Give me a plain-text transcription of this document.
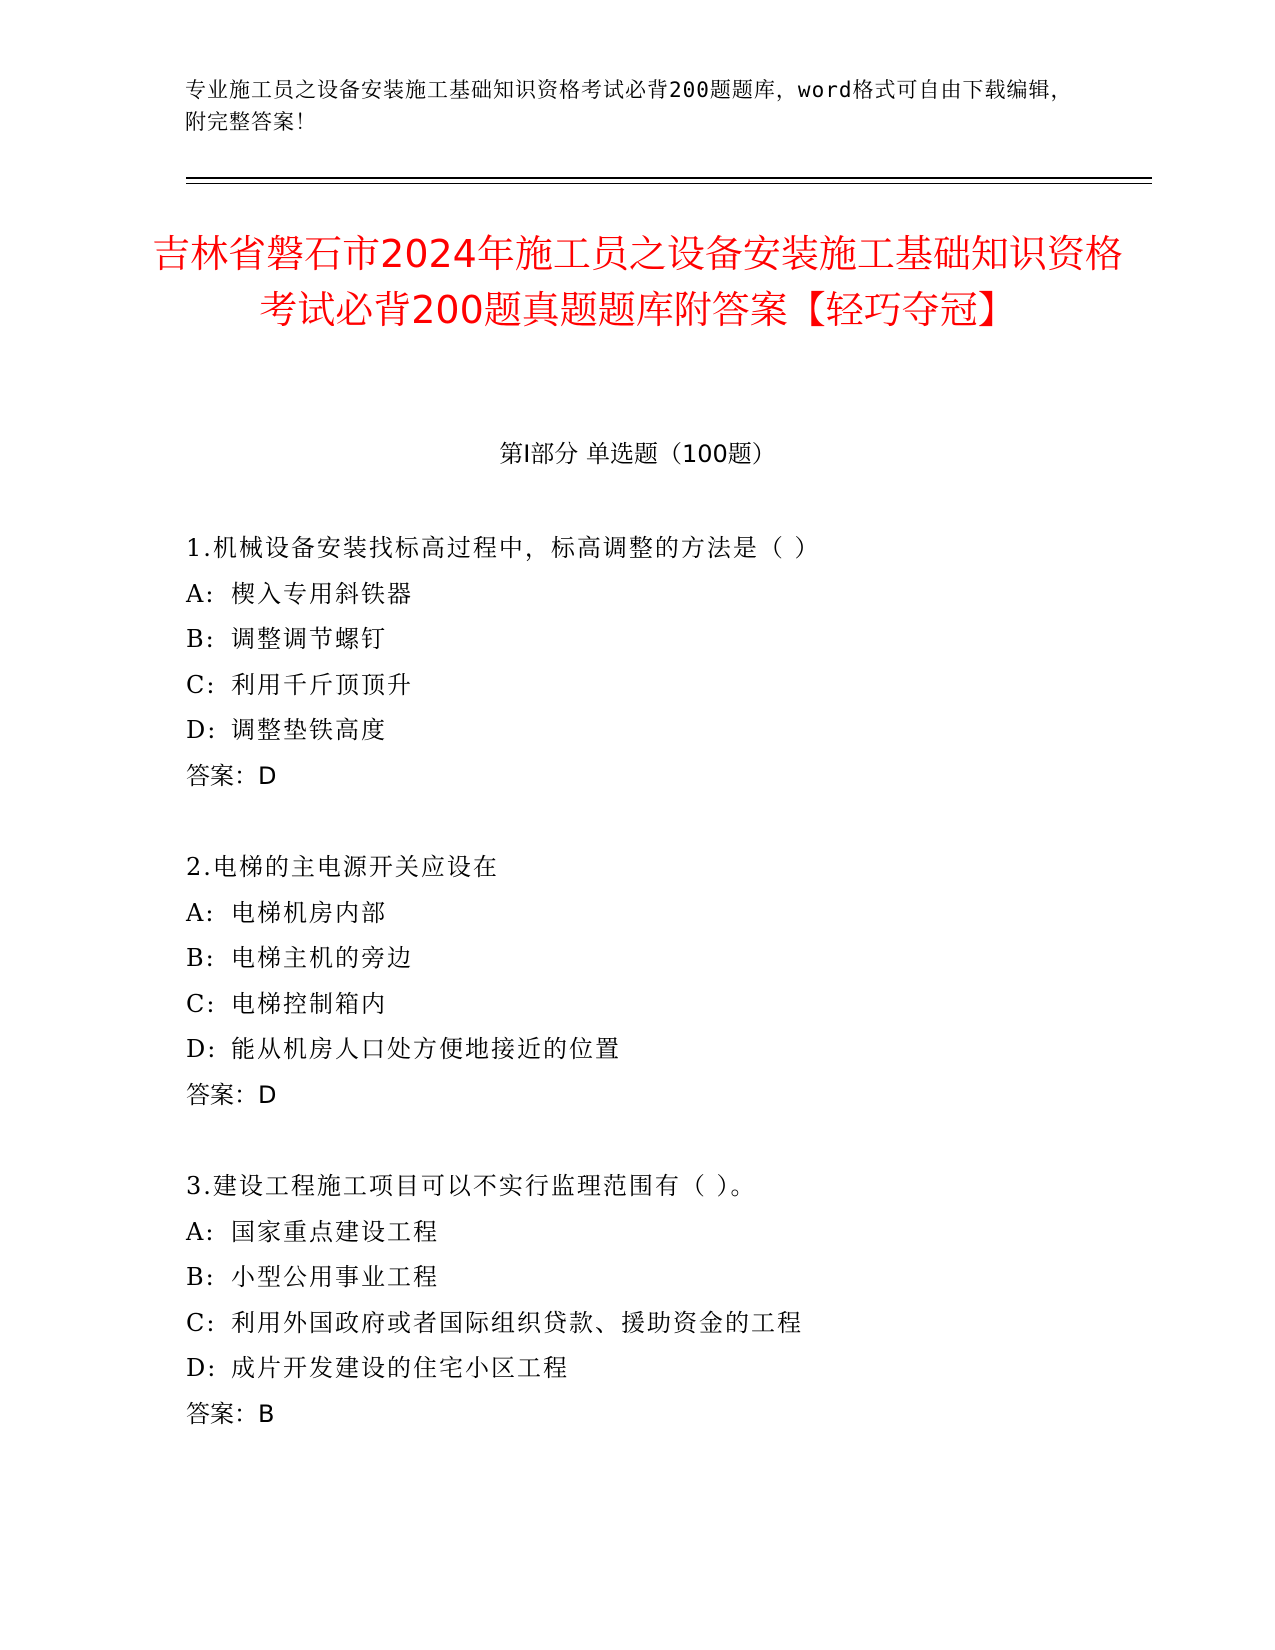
专业施工员之设备安装施工基础知识资格考试必背200题题库，word格式可自由下载编辑，附完整答案！
吉林省磐石市2024年施工员之设备安装施工基础知识资格考试必背200题真题题库附答案【轻巧夺冠】
第Ⅰ部分 单选题（100题）
1.机械设备安装找标高过程中，标高调整的方法是（ ）
A: 楔入专用斜铁器
B: 调整调节螺钉
C: 利用千斤顶顶升
D: 调整垫铁高度
答案：D
2.电梯的主电源开关应设在
A: 电梯机房内部
B: 电梯主机的旁边
C: 电梯控制箱内
D: 能从机房人口处方便地接近的位置
答案：D
3.建设工程施工项目可以不实行监理范围有（ ）。
A: 国家重点建设工程
B: 小型公用事业工程
C: 利用外国政府或者国际组织贷款、援助资金的工程
D: 成片开发建设的住宅小区工程
答案：B
